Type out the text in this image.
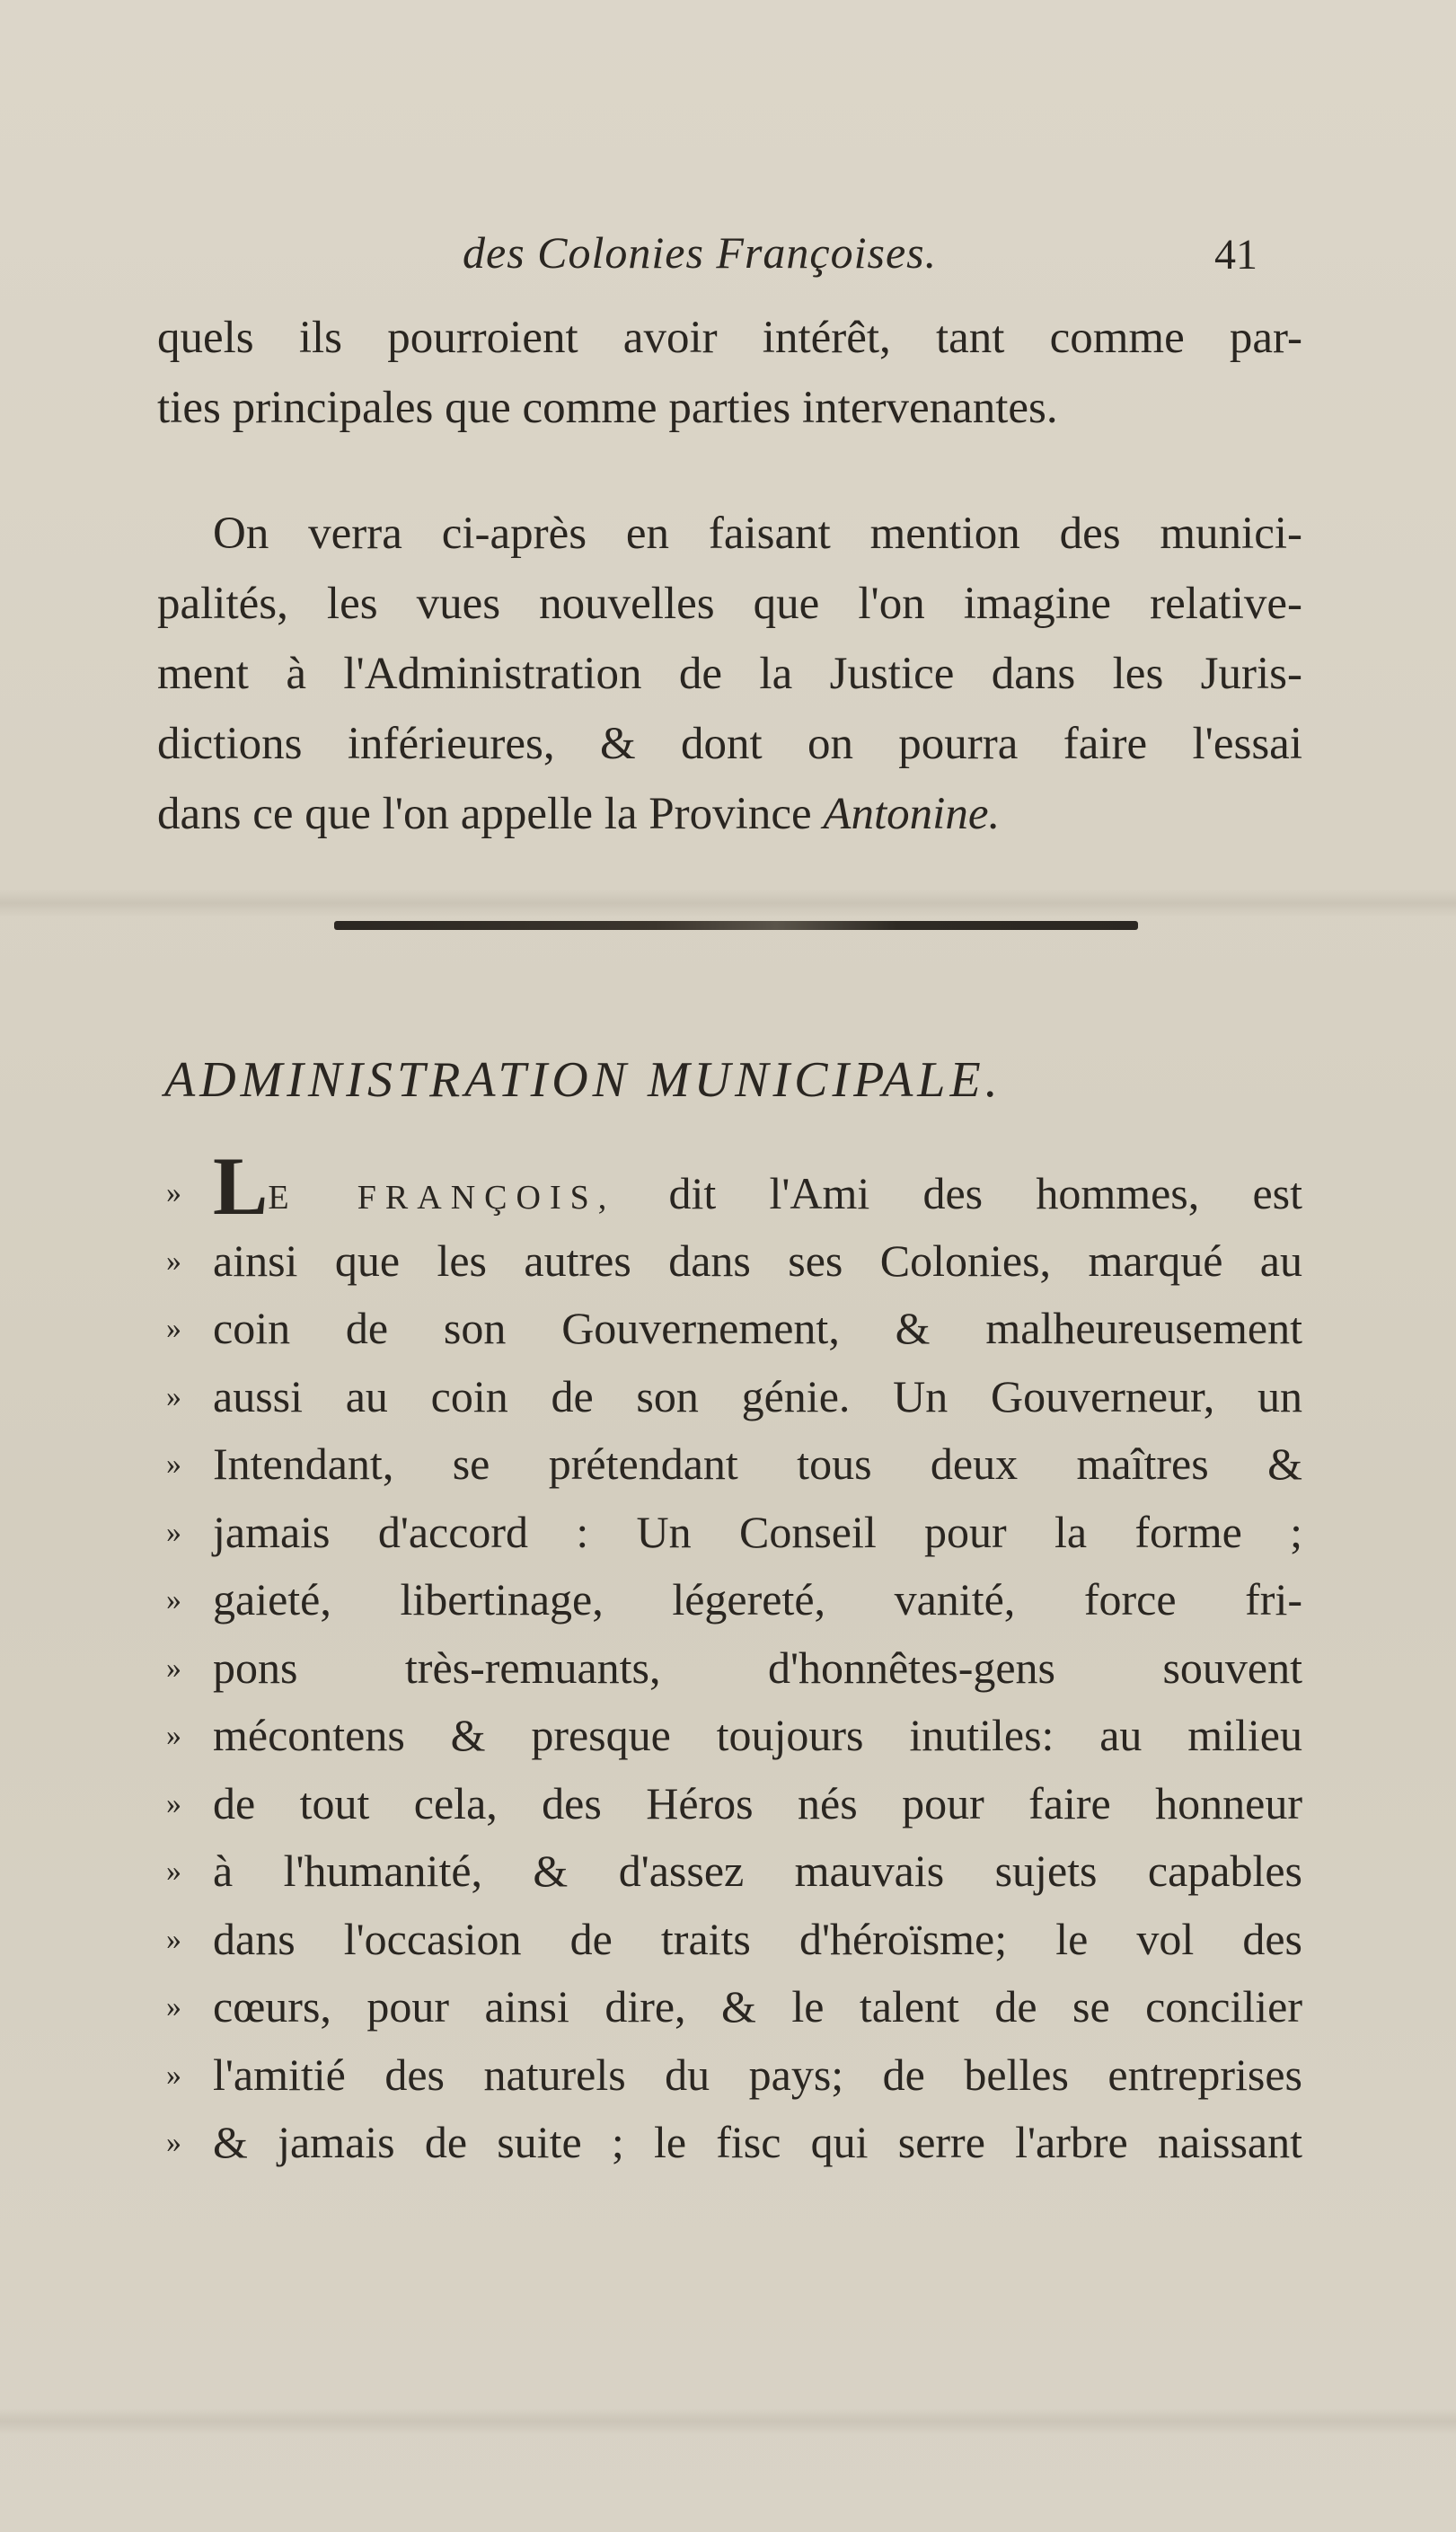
des Colonies Françoises.	41
quels ils pourroient avoir intérêt, tant comme par-
ties principales que comme parties intervenantes.
On verra ci-après en faisant mention des munici-
palités, les vues nouvelles que l'on imagine relative-
ment à l'Administration de la Justice dans les Juris-
dictions inférieures, & dont on pourra faire l'essai
dans ce que l'on appelle la Province Antonine.
ADMINISTRATION MUNICIPALE.
» LE FRANÇOIS, dit l'Ami des hommes, est
» ainsi que les autres dans ses Colonies, marqué au
» coin de son Gouvernement, & malheureusement
» aussi au coin de son génie. Un Gouverneur, un
» Intendant, se prétendant tous deux maîtres &
» jamais d'accord : Un Conseil pour la forme ;
» gaieté, libertinage, légereté, vanité, force fri-
» pons très-remuants, d'honnêtes-gens souvent
» mécontens & presque toujours inutiles: au milieu
» de tout cela, des Héros nés pour faire honneur
» à l'humanité, & d'assez mauvais sujets capables
» dans l'occasion de traits d'héroïsme; le vol des
» cœurs, pour ainsi dire, & le talent de se concilier
» l'amitié des naturels du pays; de belles entreprises
» & jamais de suite ; le fisc qui serre l'arbre naissant
